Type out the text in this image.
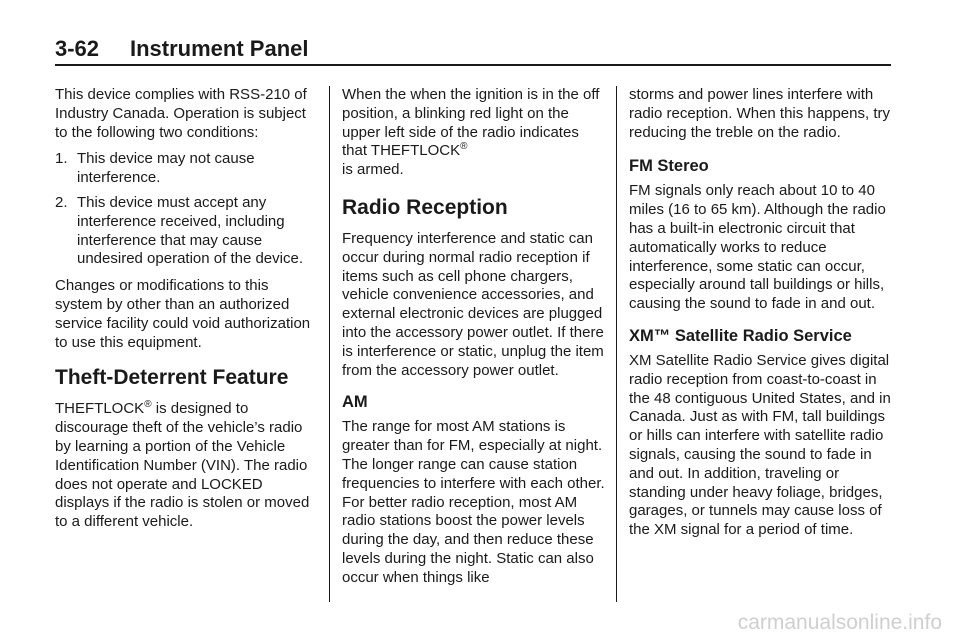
3-62 Instrument Panel

This device complies with RSS-210 of Industry Canada. Operation is subject to the following two conditions:

1. This device may not cause interference.
2. This device must accept any interference received, including interference that may cause undesired operation of the device.

Changes or modifications to this system by other than an authorized service facility could void authorization to use this equipment.

Theft-Deterrent Feature

THEFTLOCK® is designed to discourage theft of the vehicle’s radio by learning a portion of the Vehicle Identification Number (VIN). The radio does not operate and LOCKED displays if the radio is stolen or moved to a different vehicle.

When the when the ignition is in the off position, a blinking red light on the upper left side of the radio indicates that THEFTLOCK®
is armed.

Radio Reception

Frequency interference and static can occur during normal radio reception if items such as cell phone chargers, vehicle convenience accessories, and external electronic devices are plugged into the accessory power outlet. If there is interference or static, unplug the item from the accessory power outlet.

AM

The range for most AM stations is greater than for FM, especially at night. The longer range can cause station frequencies to interfere with each other. For better radio reception, most AM radio stations boost the power levels during the day, and then reduce these levels during the night. Static can also occur when things like

storms and power lines interfere with radio reception. When this happens, try reducing the treble on the radio.

FM Stereo

FM signals only reach about 10 to 40 miles (16 to 65 km). Although the radio has a built-in electronic circuit that automatically works to reduce interference, some static can occur, especially around tall buildings or hills, causing the sound to fade in and out.

XM™ Satellite Radio Service

XM Satellite Radio Service gives digital radio reception from coast-to-coast in the 48 contiguous United States, and in Canada. Just as with FM, tall buildings or hills can interfere with satellite radio signals, causing the sound to fade in and out. In addition, traveling or standing under heavy foliage, bridges, garages, or tunnels may cause loss of the XM signal for a period of time.

carmanualsonline.info
